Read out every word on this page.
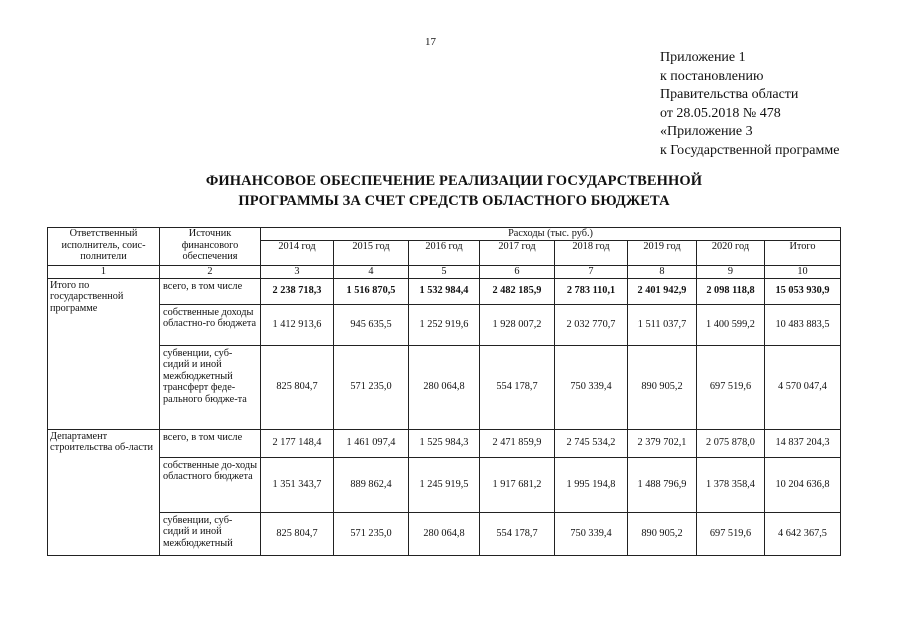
17
Приложение 1
к постановлению
Правительства области
от 28.05.2018 № 478
«Приложение 3
к Государственной программе
ФИНАНСОВОЕ ОБЕСПЕЧЕНИЕ РЕАЛИЗАЦИИ ГОСУДАРСТВЕННОЙ
ПРОГРАММЫ ЗА СЧЕТ СРЕДСТВ ОБЛАСТНОГО БЮДЖЕТА
Ответственный исполнитель, соис-полнители	Источник финансового обеспечения	Расходы (тыс. руб.)							
		2014 год	2015 год	2016 год	2017 год	2018 год	2019 год	2020 год	Итого
1	2	3	4	5	6	7	8	9	10
Итого по государственной программе	всего, в том числе	2 238 718,3	1 516 870,5	1 532 984,4	2 482 185,9	2 783 110,1	2 401 942,9	2 098 118,8	15 053 930,9
	собственные доходы областно-го бюджета	1 412 913,6	945 635,5	1 252 919,6	1 928 007,2	2 032 770,7	1 511 037,7	1 400 599,2	10 483 883,5
	субвенции, суб-сидий и иной межбюджетный трансферт феде-рального бюдже-та	825 804,7	571 235,0	280 064,8	554 178,7	750 339,4	890 905,2	697 519,6	4 570 047,4
Департамент строительства об-ласти	всего, в том числе	2 177 148,4	1 461 097,4	1 525 984,3	2 471 859,9	2 745 534,2	2 379 702,1	2 075 878,0	14 837 204,3
	собственные до-ходы областного бюджета	1 351 343,7	889 862,4	1 245 919,5	1 917 681,2	1 995 194,8	1 488 796,9	1 378 358,4	10 204 636,8
	субвенции, суб-сидий и иной межбюджетный	825 804,7	571 235,0	280 064,8	554 178,7	750 339,4	890 905,2	697 519,6	4 642 367,5
